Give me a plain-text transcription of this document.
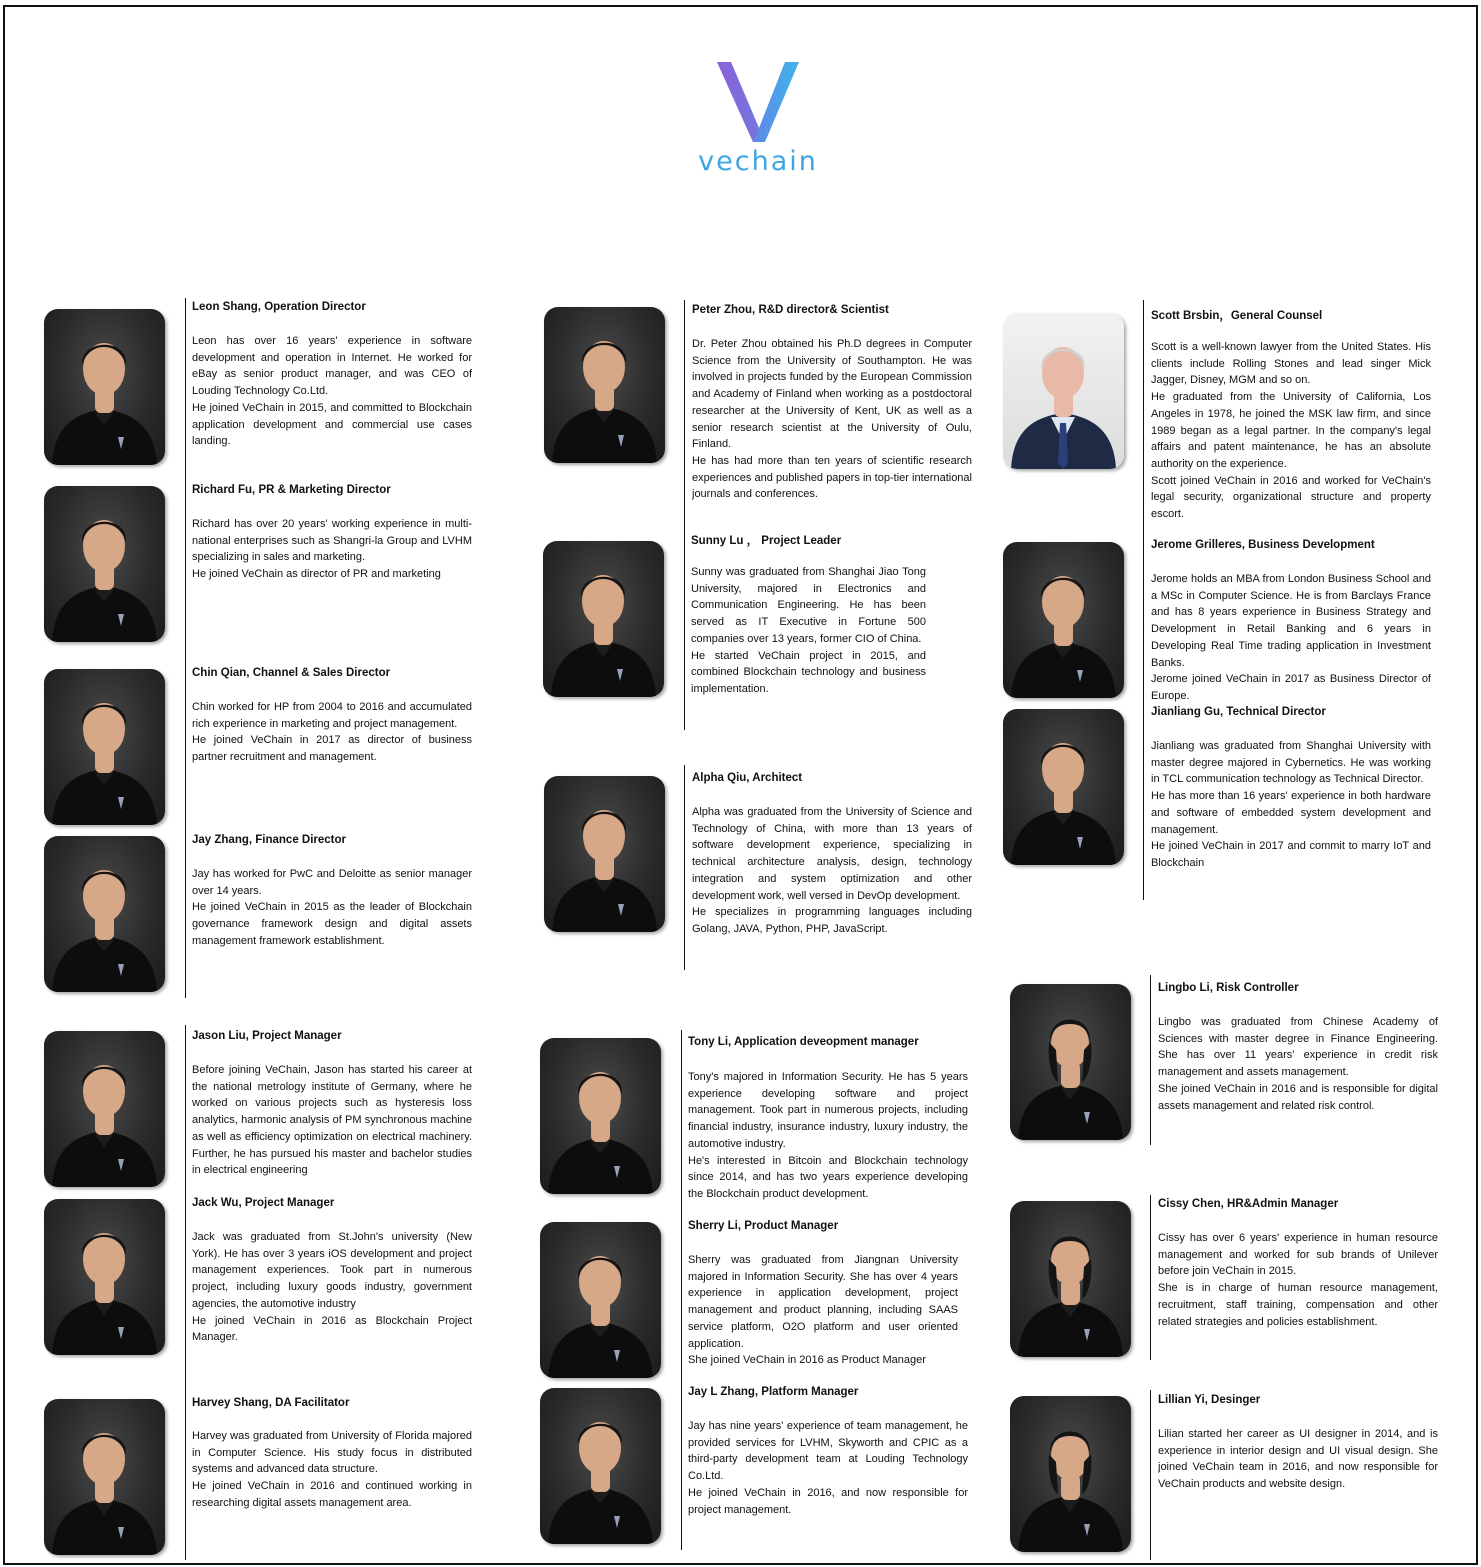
vechain
Leon Shang, Operation Director

Leon has over 16 years' experience in software development and operation in Internet. He worked for eBay as senior product manager, and was CEO of Louding Technology Co.Ltd.

He joined VeChain in 2015, and committed to Blockchain application development and commercial use cases landing.

Richard Fu, PR & Marketing Director

Richard has over 20 years' working experience in multi-national enterprises such as Shangri-la Group and LVHM specializing in sales and marketing.

He joined VeChain as director of PR and marketing

Chin Qian, Channel & Sales Director

Chin worked for HP from 2004 to 2016 and accumulated rich experience in marketing and project management.

He joined VeChain in 2017 as director of business partner recruitment and management.

Jay Zhang, Finance Director

Jay has worked for PwC and Deloitte as senior manager over 14 years.

He joined VeChain in 2015 as the leader of Blockchain governance framework design and digital assets management framework establishment.

Jason Liu, Project Manager

Before joining VeChain, Jason has started his career at the national metrology institute of Germany, where he worked on various projects such as hysteresis loss analytics, harmonic analysis of PM synchronous machine as well as efficiency optimization on electrical machinery. Further, he has pursued his master and bachelor studies in electrical engineering

Jack Wu, Project Manager

Jack was graduated from St.John's university (New York). He has over 3 years iOS development and project management experiences. Took part in numerous project, including luxury goods industry, government agencies, the automotive industry

He joined VeChain in 2016 as Blockchain Project Manager.

Harvey Shang, DA Facilitator

Harvey was graduated from University of Florida majored in Computer Science. His study focus in distributed systems and advanced data structure.

He joined VeChain in 2016 and continued working in researching digital assets management area.

Peter Zhou, R&D director& Scientist

Dr. Peter Zhou obtained his Ph.D degrees in Computer Science from the University of Southampton. He was involved in projects funded by the European Commission and Academy of Finland when working as a postdoctoral researcher at the University of Kent, UK as well as a senior research scientist at the University of Oulu, Finland.

He has had more than ten years of scientific research experiences and published papers in top-tier international journals and conferences.

Sunny Lu ， Project Leader

Sunny was graduated from Shanghai Jiao Tong University, majored in Electronics and Communication Engineering. He has been served as IT Executive in Fortune 500 companies over 13 years, former CIO of China.

He started VeChain project in 2015, and combined Blockchain technology and business implementation.

Alpha Qiu, Architect

Alpha was graduated from the University of Science and Technology of China, with more than 13 years of software development experience, specializing in technical architecture analysis, design, technology integration and system optimization and other development work, well versed in DevOp development.

He specializes in programming languages including Golang, JAVA, Python, PHP, JavaScript.

Tony Li, Application deveopment manager

Tony's majored in Information Security. He has 5 years experience developing software and project management. Took part in numerous projects, including financial industry, insurance industry, luxury industry, the automotive industry.

He's interested in Bitcoin and Blockchain technology since 2014, and has two years experience developing the Blockchain product development.

Sherry Li, Product Manager

Sherry was graduated from Jiangnan University majored in Information Security. She has over 4 years experience in application development, project management and product planning, including SAAS service platform, O2O platform and user oriented application.

She joined VeChain in 2016 as Product Manager

Jay L Zhang, Platform Manager

Jay has nine years' experience of team management, he provided services for LVHM, Skyworth and CPIC as a third-party development team at Louding Technology Co.Ltd.

He joined VeChain in 2016, and now responsible for project management.

Scott Brsbin，General Counsel

Scott is a well-known lawyer from the United States. His clients include Rolling Stones and lead singer Mick Jagger, Disney, MGM and so on.

He graduated from the University of California, Los Angeles in 1978, he joined the MSK law firm, and since 1989 began as a legal partner. In the company's legal affairs and patent maintenance, he has an absolute authority on the experience.

Scott joined VeChain in 2016 and worked for VeChain's legal security, organizational structure and property escort.

Jerome Grilleres, Business Development

Jerome holds an MBA from London Business School and a MSc in Computer Science. He is from Barclays France and has 8 years experience in Business Strategy and Development in Retail Banking and 6 years in Developing Real Time trading application in Investment Banks.

Jerome joined VeChain in 2017 as Business Director of Europe.

Jianliang Gu, Technical Director

Jianliang was graduated from Shanghai University with master degree majored in Cybernetics. He was working in TCL communication technology as Technical Director.

He has more than 16 years' experience in both hardware and software of embedded system development and management.

He joined VeChain in 2017 and commit to marry IoT and Blockchain

Lingbo Li, Risk Controller

Lingbo was graduated from Chinese Academy of Sciences with master degree in Finance Engineering. She has over 11 years' experience in credit risk management and assets management.

She joined VeChain in 2016 and is responsible for digital assets management and related risk control.

Cissy Chen, HR&Admin Manager

Cissy has over 6 years' experience in human resource management and worked for sub brands of Unilever before join VeChain in 2015.

She is in charge of human resource management, recruitment, staff training, compensation and other related strategies and policies establishment.

Lillian Yi, Desinger

Lilian started her career as UI designer in 2014, and is experience in interior design and UI visual design. She joined VeChain team in 2016, and now responsible for VeChain products and website design.
